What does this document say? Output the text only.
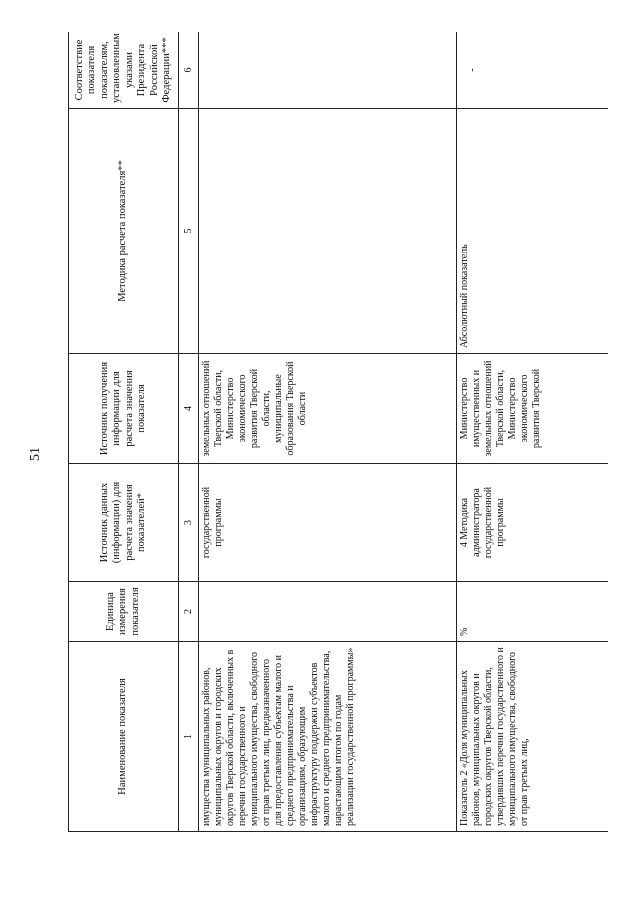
51
Наименование показателя	Единица измерения показателя	Источник данных (информации) для расчета значения показателей*	Источник получения информации для расчета значения показателя	Методика расчета показателя**	Соответствие показателя показателям, установленным указами Президента Российской Федерации***
1	2	3	4	5	6
имущества муниципальных районов, муниципальных округов и городских округов Тверской области, включенных в перечни государственного и муниципального имущества, свободного от прав третьих лиц, предназначенного для предоставления субъектам малого и среднего предпринимательства и организациям, образующим инфраструктуру поддержки субъектов малого и среднего предпринимательства, нарастающим итогом по годам реализации государственной программы»		государственной программы	земельных отношений Тверской области, Министерство экономического развития Тверской области, муниципальные образования Тверской области		
Показатель 2 «Доля муниципальных районов, муниципальных округов и городских округов Тверской области, утвердивших перечни государственного и муниципального имущества, свободного от прав третьих лиц,	%	4 Методика администратора государственной программы	Министерство имущественных и земельных отношений Тверской области, Министерство экономического развития Тверской	Абсолютный показатель	-
